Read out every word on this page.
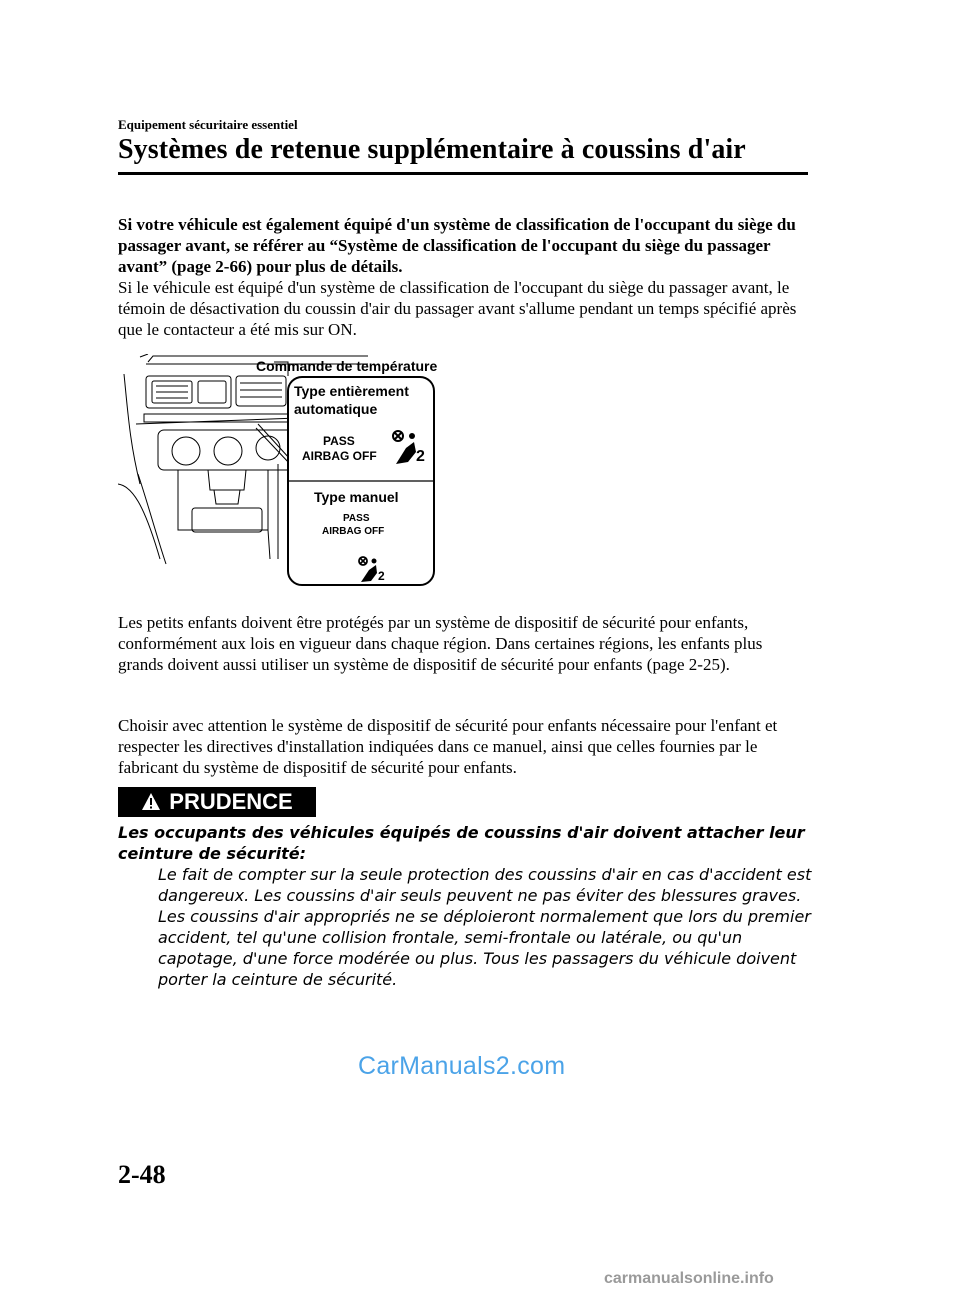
Equipement sécuritaire essentiel
Systèmes de retenue supplémentaire à coussins d'air

Si votre véhicule est également équipé d'un système de classification de l'occupant du siège du passager avant, se référer au “Système de classification de l'occupant du siège du passager avant” (page 2-66) pour plus de détails.

Si le véhicule est équipé d'un système de classification de l'occupant du siège du passager avant, le témoin de désactivation du coussin d'air du passager avant s'allume pendant un temps spécifié après que le contacteur a été mis sur ON.

Commande de température
Type entièrement
automatique
PASS
AIRBAG OFF 2
Type manuel
PASS
AIRBAG OFF
2

Les petits enfants doivent être protégés par un système de dispositif de sécurité pour enfants, conformément aux lois en vigueur dans chaque région. Dans certaines régions, les enfants plus grands doivent aussi utiliser un système de dispositif de sécurité pour enfants (page 2-25).

Choisir avec attention le système de dispositif de sécurité pour enfants nécessaire pour l'enfant et respecter les directives d'installation indiquées dans ce manuel, ainsi que celles fournies par le fabricant du système de dispositif de sécurité pour enfants.

PRUDENCE

Les occupants des véhicules équipés de coussins d'air doivent attacher leur ceinture de sécurité:

Le fait de compter sur la seule protection des coussins d'air en cas d'accident est dangereux. Les coussins d'air seuls peuvent ne pas éviter des blessures graves. Les coussins d'air appropriés ne se déploieront normalement que lors du premier accident, tel qu'une collision frontale, semi-frontale ou latérale, ou qu'un capotage, d'une force modérée ou plus. Tous les passagers du véhicule doivent porter la ceinture de sécurité.

CarManuals2.com
2-48
carmanualsonline.info
